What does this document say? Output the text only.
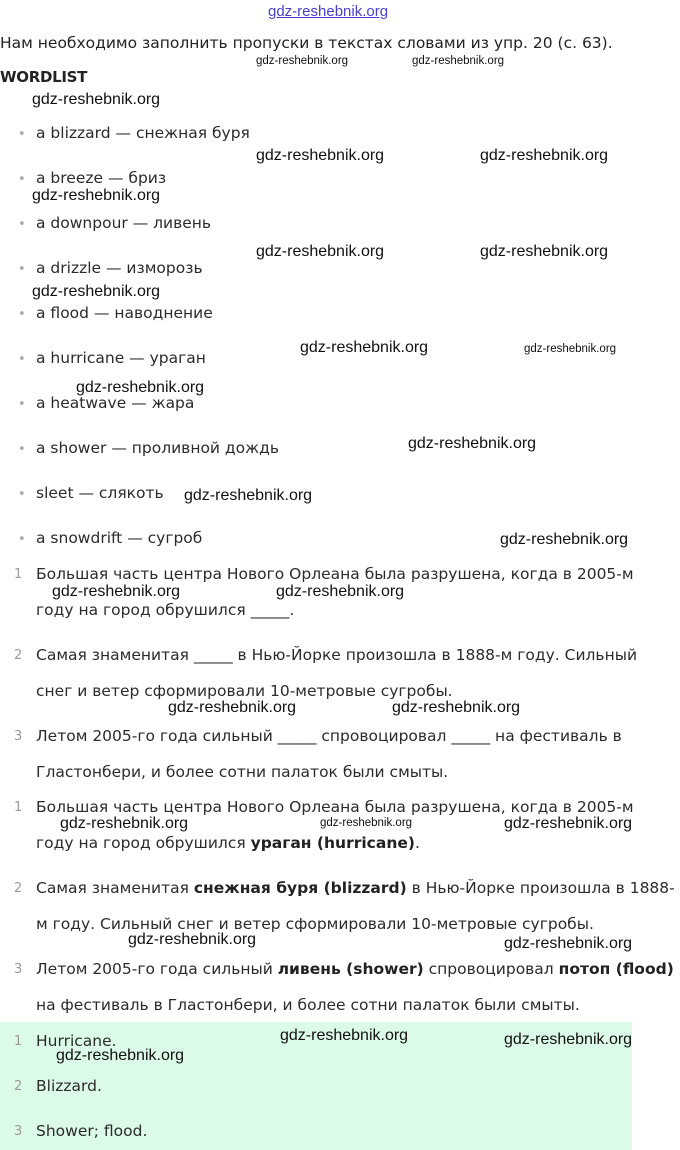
Нам необходимо заполнить пропуски в текстах словами из упр. 20 (с. 63).
WORDLIST
• a blizzard — снежная буря
• a breeze — бриз
• a downpour — ливень
• a drizzle — изморозь
• a flood — наводнение
• a hurricane — ураган
• a heatwave — жара
• a shower — проливной дождь
• sleet — слякоть
• a snowdrift — сугроб
1 Большая часть центра Нового Орлеана была разрушена, когда в 2005-м
году на город обрушился _____.
2 Самая знаменитая _____ в Нью-Йорке произошла в 1888-м году. Сильный
снег и ветер сформировали 10-метровые сугробы.
3 Летом 2005-го года сильный _____ спровоцировал _____ на фестиваль в
Гластонбери, и более сотни палаток были смыты.
1 Большая часть центра Нового Орлеана была разрушена, когда в 2005-м
году на город обрушился ураган (hurricane).
2 Самая знаменитая снежная буря (blizzard) в Нью-Йорке произошла в 1888-
м году. Сильный снег и ветер сформировали 10-метровые сугробы.
3 Летом 2005-го года сильный ливень (shower) спровоцировал потоп (flood)
на фестиваль в Гластонбери, и более сотни палаток были смыты.
1 Hurricane.
2 Blizzard.
3 Shower; flood.
gdz-reshebnik.org
gdz-reshebnik.org	gdz-reshebnik.org
gdz-reshebnik.org
gdz-reshebnik.org	gdz-reshebnik.org
gdz-reshebnik.org
gdz-reshebnik.org	gdz-reshebnik.org
gdz-reshebnik.org
gdz-reshebnik.org	gdz-reshebnik.org
gdz-reshebnik.org
gdz-reshebnik.org
gdz-reshebnik.org
gdz-reshebnik.org
gdz-reshebnik.org	gdz-reshebnik.org
gdz-reshebnik.org	gdz-reshebnik.org
gdz-reshebnik.org	gdz-reshebnik.org	gdz-reshebnik.org
gdz-reshebnik.org	gdz-reshebnik.org
gdz-reshebnik.org	gdz-reshebnik.org
gdz-reshebnik.org
